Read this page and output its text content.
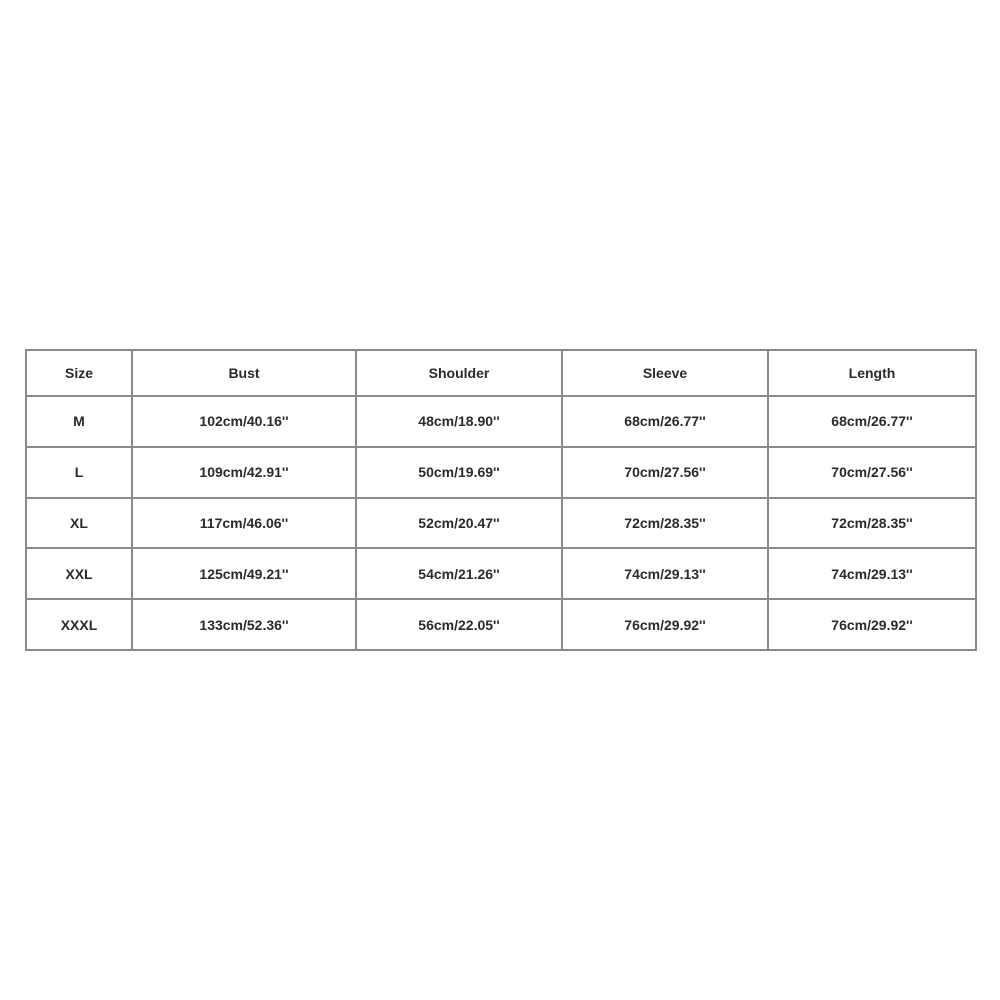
Size	Bust	Shoulder	Sleeve	Length
M	102cm/40.16''	48cm/18.90''	68cm/26.77''	68cm/26.77''
L	109cm/42.91''	50cm/19.69''	70cm/27.56''	70cm/27.56''
XL	117cm/46.06''	52cm/20.47''	72cm/28.35''	72cm/28.35''
XXL	125cm/49.21''	54cm/21.26''	74cm/29.13''	74cm/29.13''
XXXL	133cm/52.36''	56cm/22.05''	76cm/29.92''	76cm/29.92''
